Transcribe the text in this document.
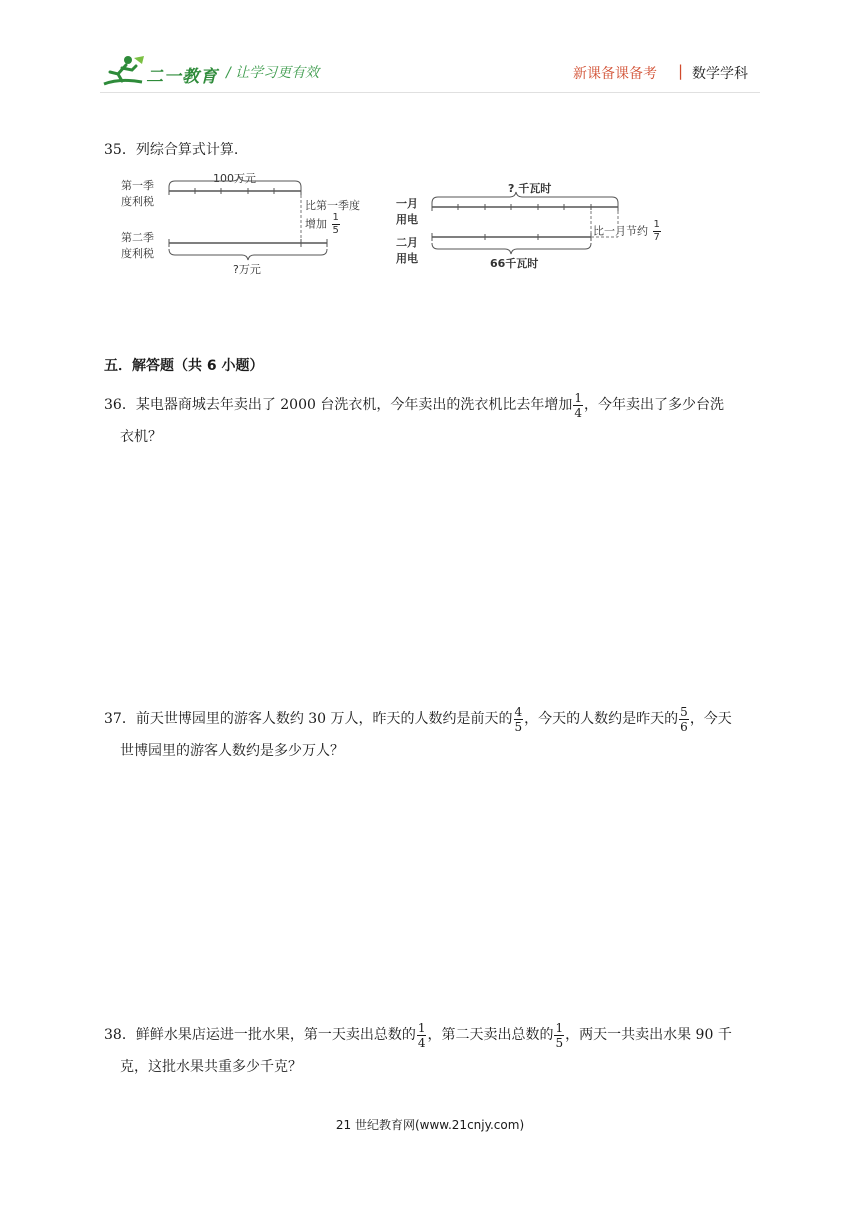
二一教育 / 让学习更有效	新课备课备考 | 数学学科
35．列综合算式计算.
第一季
度利税
第二季
度利税
100万元
?万元
比第一季度
增加 $\frac{1}{5}$
一月
用电
二月
用电
? 千瓦时
66千瓦时
比一月节约 $\frac{1}{7}$
五．解答题（共 6 小题）
36．某电器商城去年卖出了 2000 台洗衣机，今年卖出的洗衣机比去年增加 $\frac{1}{4}$ ，今年卖出了多少台洗
衣机？
37．前天世博园里的游客人数约 30 万人，昨天的人数约是前天的 $\frac{4}{5}$ ，今天的人数约是昨天的 $\frac{5}{6}$ ，今天
世博园里的游客人数约是多少万人？
38．鲜鲜水果店运进一批水果，第一天卖出总数的 $\frac{1}{4}$ ，第二天卖出总数的 $\frac{1}{5}$ ，两天一共卖出水果 90 千
克，这批水果共重多少千克？
21 世纪教育网(www.21cnjy.com)
